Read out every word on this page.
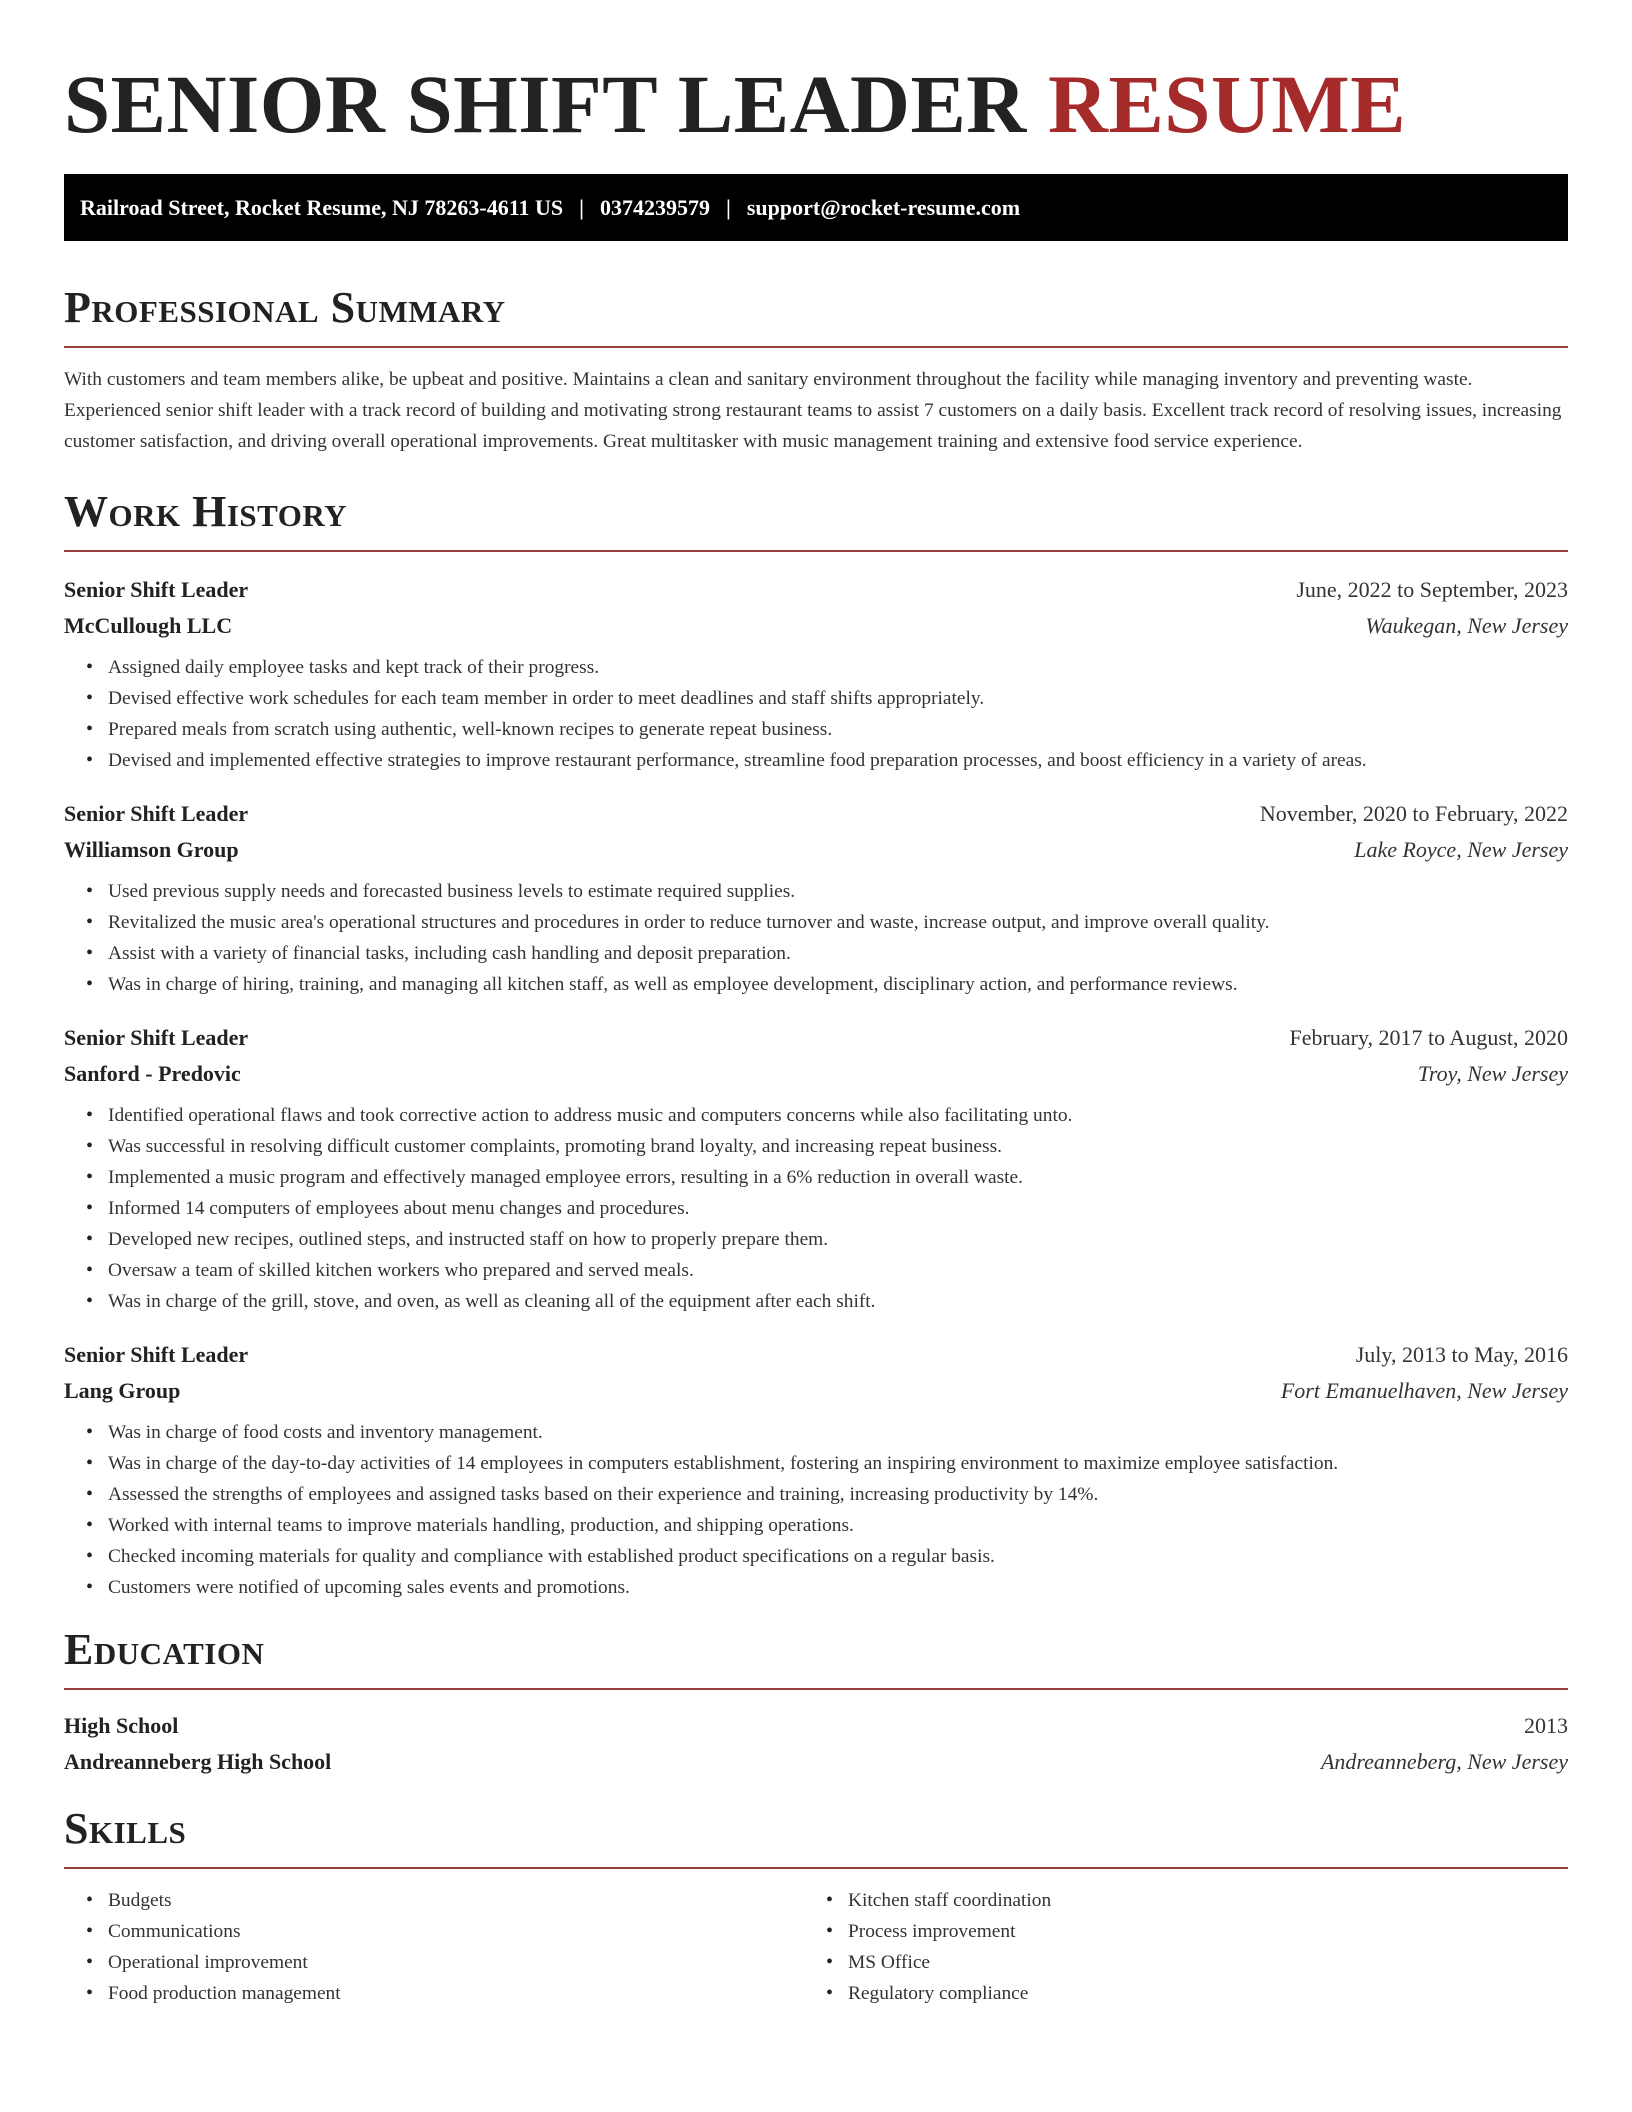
SENIOR SHIFT LEADER RESUME
Railroad Street, Rocket Resume, NJ 78263-4611 US | 0374239579 | support@rocket-resume.com
Professional Summary

With customers and team members alike, be upbeat and positive. Maintains a clean and sanitary environment throughout the facility while managing inventory and preventing waste. Experienced senior shift leader with a track record of building and motivating strong restaurant teams to assist 7 customers on a daily basis. Excellent track record of resolving issues, increasing customer satisfaction, and driving overall operational improvements. Great multitasker with music management training and extensive food service experience.

Work History
Senior Shift Leader	June, 2022 to September, 2023
McCullough LLC	Waukegan, New Jersey
• Assigned daily employee tasks and kept track of their progress.
• Devised effective work schedules for each team member in order to meet deadlines and staff shifts appropriately.
• Prepared meals from scratch using authentic, well-known recipes to generate repeat business.
• Devised and implemented effective strategies to improve restaurant performance, streamline food preparation processes, and boost efficiency in a variety of areas.
Senior Shift Leader	November, 2020 to February, 2022
Williamson Group	Lake Royce, New Jersey
• Used previous supply needs and forecasted business levels to estimate required supplies.
• Revitalized the music area's operational structures and procedures in order to reduce turnover and waste, increase output, and improve overall quality.
• Assist with a variety of financial tasks, including cash handling and deposit preparation.
• Was in charge of hiring, training, and managing all kitchen staff, as well as employee development, disciplinary action, and performance reviews.
Senior Shift Leader	February, 2017 to August, 2020
Sanford - Predovic	Troy, New Jersey
• Identified operational flaws and took corrective action to address music and computers concerns while also facilitating unto.
• Was successful in resolving difficult customer complaints, promoting brand loyalty, and increasing repeat business.
• Implemented a music program and effectively managed employee errors, resulting in a 6% reduction in overall waste.
• Informed 14 computers of employees about menu changes and procedures.
• Developed new recipes, outlined steps, and instructed staff on how to properly prepare them.
• Oversaw a team of skilled kitchen workers who prepared and served meals.
• Was in charge of the grill, stove, and oven, as well as cleaning all of the equipment after each shift.
Senior Shift Leader	July, 2013 to May, 2016
Lang Group	Fort Emanuelhaven, New Jersey
• Was in charge of food costs and inventory management.
• Was in charge of the day-to-day activities of 14 employees in computers establishment, fostering an inspiring environment to maximize employee satisfaction.
• Assessed the strengths of employees and assigned tasks based on their experience and training, increasing productivity by 14%.
• Worked with internal teams to improve materials handling, production, and shipping operations.
• Checked incoming materials for quality and compliance with established product specifications on a regular basis.
• Customers were notified of upcoming sales events and promotions.
Education
High School	2013
Andreanneberg High School	Andreanneberg, New Jersey
Skills
• Budgets
• Communications
• Operational improvement
• Food production management
• Kitchen staff coordination
• Process improvement
• MS Office
• Regulatory compliance
